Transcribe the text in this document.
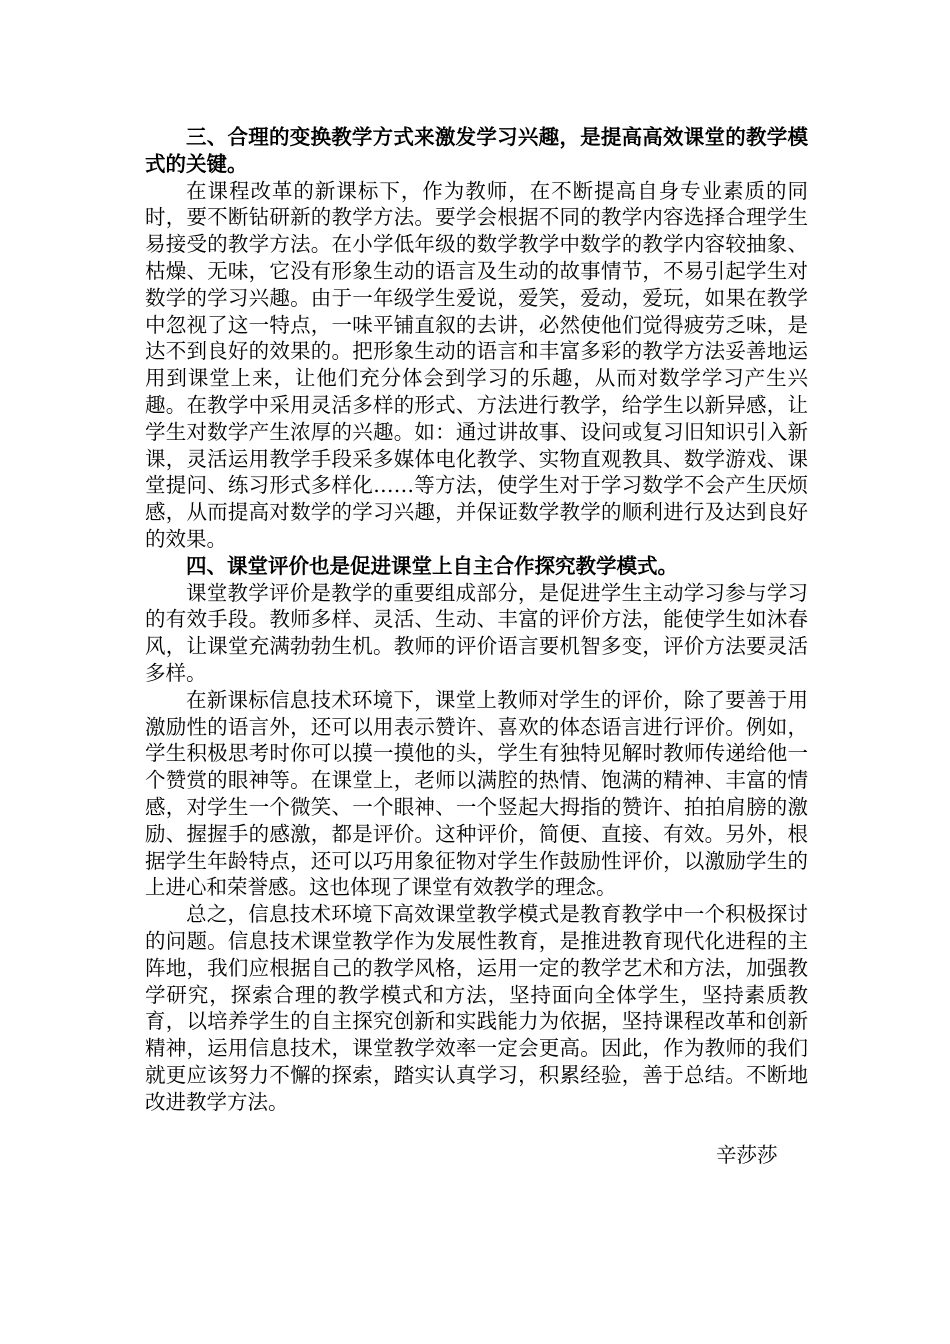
三、合理的变换教学方式来激发学习兴趣，是提高高效课堂的教学模式的关键。

在课程改革的新课标下，作为教师，在不断提高自身专业素质的同时，要不断钻研新的教学方法。要学会根据不同的教学内容选择合理学生易接受的教学方法。在小学低年级的数学教学中数学的教学内容较抽象、枯燥、无味，它没有形象生动的语言及生动的故事情节，不易引起学生对数学的学习兴趣。由于一年级学生爱说，爱笑，爱动，爱玩，如果在教学中忽视了这一特点，一味平铺直叙的去讲，必然使他们觉得疲劳乏味，是达不到良好的效果的。把形象生动的语言和丰富多彩的教学方法妥善地运用到课堂上来，让他们充分体会到学习的乐趣，从而对数学学习产生兴趣。在教学中采用灵活多样的形式、方法进行教学，给学生以新异感，让学生对数学产生浓厚的兴趣。如：通过讲故事、设问或复习旧知识引入新课，灵活运用教学手段采多媒体电化教学、实物直观教具、数学游戏、课堂提问、练习形式多样化……等方法，使学生对于学习数学不会产生厌烦感，从而提高对数学的学习兴趣，并保证数学教学的顺利进行及达到良好的效果。

四、课堂评价也是促进课堂上自主合作探究教学模式。

课堂教学评价是教学的重要组成部分，是促进学生主动学习参与学习的有效手段。教师多样、灵活、生动、丰富的评价方法，能使学生如沐春风，让课堂充满勃勃生机。教师的评价语言要机智多变，评价方法要灵活多样。

在新课标信息技术环境下，课堂上教师对学生的评价，除了要善于用激励性的语言外，还可以用表示赞许、喜欢的体态语言进行评价。例如，学生积极思考时你可以摸一摸他的头，学生有独特见解时教师传递给他一个赞赏的眼神等。在课堂上，老师以满腔的热情、饱满的精神、丰富的情感，对学生一个微笑、一个眼神、一个竖起大拇指的赞许、拍拍肩膀的激励、握握手的感激，都是评价。这种评价，简便、直接、有效。另外，根据学生年龄特点，还可以巧用象征物对学生作鼓励性评价，以激励学生的上进心和荣誉感。这也体现了课堂有效教学的理念。

总之，信息技术环境下高效课堂教学模式是教育教学中一个积极探讨的问题。信息技术课堂教学作为发展性教育，是推进教育现代化进程的主阵地，我们应根据自己的教学风格，运用一定的教学艺术和方法，加强教学研究，探索合理的教学模式和方法，坚持面向全体学生，坚持素质教育，以培养学生的自主探究创新和实践能力为依据，坚持课程改革和创新精神，运用信息技术，课堂教学效率一定会更高。因此，作为教师的我们就更应该努力不懈的探索，踏实认真学习，积累经验，善于总结。不断地改进教学方法。

辛莎莎
